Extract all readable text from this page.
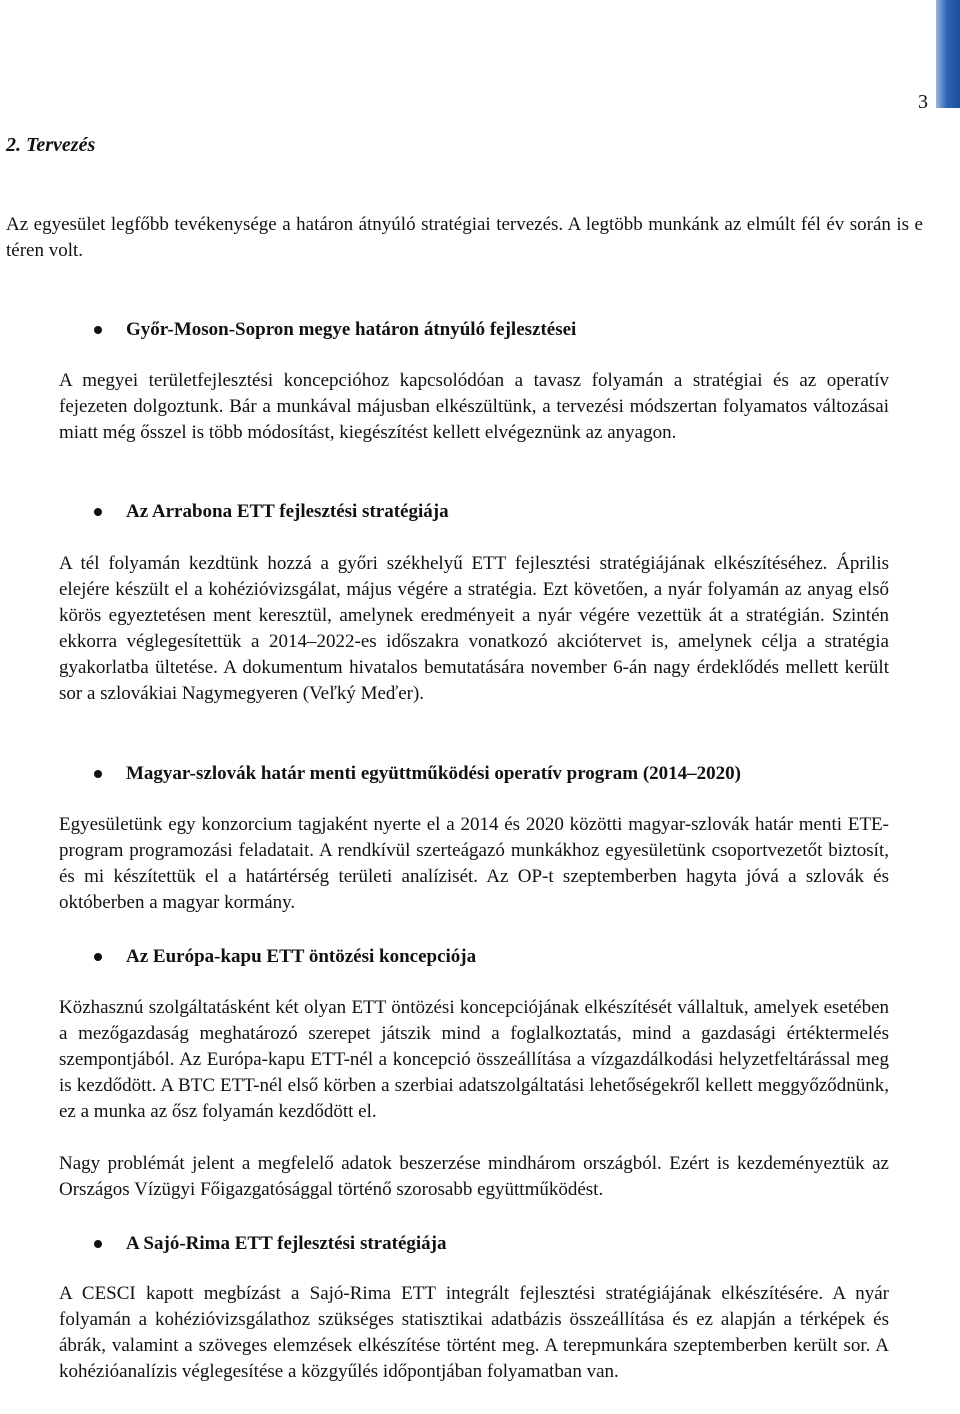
3
2. Tervezés

Az egyesület legfőbb tevékenysége a határon átnyúló stratégiai tervezés. A legtöbb munkánk az elmúlt fél év során is e téren volt.

Győr-Moson-Sopron megye határon átnyúló fejlesztései

A megyei területfejlesztési koncepcióhoz kapcsolódóan a tavasz folyamán a stratégiai és az operatív fejezeten dolgoztunk. Bár a munkával májusban elkészültünk, a tervezési módszertan folyamatos változásai miatt még ősszel is több módosítást, kiegészítést kellett elvégeznünk az anyagon.

Az Arrabona ETT fejlesztési stratégiája

A tél folyamán kezdtünk hozzá a győri székhelyű ETT fejlesztési stratégiájának elkészítéséhez. Április elejére készült el a kohézióvizsgálat, május végére a stratégia. Ezt követően, a nyár folyamán az anyag első körös egyeztetésen ment keresztül, amelynek eredményeit a nyár végére vezettük át a stratégián. Szintén ekkorra véglegesítettük a 2014–2022-es időszakra vonatkozó akciótervet is, amelynek célja a stratégia gyakorlatba ültetése. A dokumentum hivatalos bemutatására november 6-án nagy érdeklődés mellett került sor a szlovákiai Nagymegyeren (Veľký Meďer).

Magyar-szlovák határ menti együttműködési operatív program (2014–2020)

Egyesületünk egy konzorcium tagjaként nyerte el a 2014 és 2020 közötti magyar-szlovák határ menti ETE-program programozási feladatait. A rendkívül szerteágazó munkákhoz egyesületünk csoportvezetőt biztosít, és mi készítettük el a határtérség területi analízisét. Az OP-t szeptemberben hagyta jóvá a szlovák és októberben a magyar kormány.

Az Európa-kapu ETT öntözési koncepciója

Közhasznú szolgáltatásként két olyan ETT öntözési koncepciójának elkészítését vállaltuk, amelyek esetében a mezőgazdaság meghatározó szerepet játszik mind a foglalkoztatás, mind a gazdasági értéktermelés szempontjából. Az Európa-kapu ETT-nél a koncepció összeállítása a vízgazdálkodási helyzetfeltárással meg is kezdődött. A BTC ETT-nél első körben a szerbiai adatszolgáltatási lehetőségekről kellett meggyőződnünk, ez a munka az ősz folyamán kezdődött el.

Nagy problémát jelent a megfelelő adatok beszerzése mindhárom országból. Ezért is kezdeményeztük az Országos Vízügyi Főigazgatósággal történő szorosabb együttműködést.

A Sajó-Rima ETT fejlesztési stratégiája

A CESCI kapott megbízást a Sajó-Rima ETT integrált fejlesztési stratégiájának elkészítésére. A nyár folyamán a kohézióvizsgálathoz szükséges statisztikai adatbázis összeállítása és ez alapján a térképek és ábrák, valamint a szöveges elemzések elkészítése történt meg. A terepmunkára szeptemberben került sor. A kohézióanalízis véglegesítése a közgyűlés időpontjában folyamatban van.
